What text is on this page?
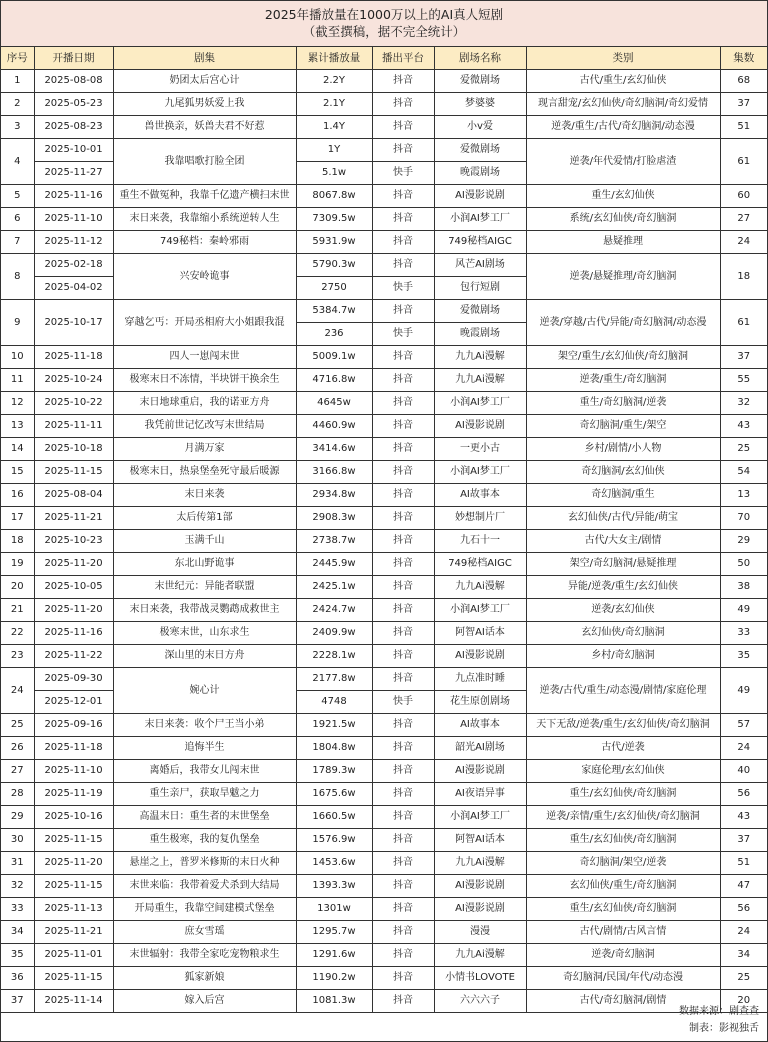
2025年播放量在1000万以上的AI真人短剧
（截至撰稿，据不完全统计）
序号	开播日期	剧集	累计播放量	播出平台	剧场名称	类别	集数
1	2025-08-08	奶团太后宫心计	2.2Y	抖音	爱微剧场	古代/重生/玄幻仙侠	68
2	2025-05-23	九尾狐男妖爱上我	2.1Y	抖音	梦婆婆	现言甜宠/玄幻仙侠/奇幻脑洞/奇幻爱情	37
3	2025-08-23	兽世换亲，妖兽夫君不好惹	1.4Y	抖音	小v爱	逆袭/重生/古代/奇幻脑洞/动态漫	51
4	2025-10-01	我靠唱歌打脸全团	1Y	抖音	爱微剧场	逆袭/年代爱情/打脸虐渣	61
	2025-11-27		5.1w	快手	晚霞剧场		
5	2025-11-16	重生不做冤种，我靠千亿遗产横扫末世	8067.8w	抖音	AI漫影说剧	重生/玄幻仙侠	60
6	2025-11-10	末日来袭，我靠缩小系统逆转人生	7309.5w	抖音	小润AI梦工厂	系统/玄幻仙侠/奇幻脑洞	27
7	2025-11-12	749秘档：秦岭邪雨	5931.9w	抖音	749秘档AIGC	悬疑推理	24
8	2025-02-18	兴安岭诡事	5790.3w	抖音	风芒AI剧场	逆袭/悬疑推理/奇幻脑洞	18
	2025-04-02		2750	快手	包行短剧		
9	2025-10-17	穿越乞丐：开局丞相府大小姐跟我混	5384.7w	抖音	爱微剧场	逆袭/穿越/古代/异能/奇幻脑洞/动态漫	61
			236	快手	晚霞剧场		
10	2025-11-18	四人一崽闯末世	5009.1w	抖音	九九Ai漫解	架空/重生/玄幻仙侠/奇幻脑洞	37
11	2025-10-24	极寒末日不冻情，半块饼干换余生	4716.8w	抖音	九九Ai漫解	逆袭/重生/奇幻脑洞	55
12	2025-10-22	末日地球重启，我的诺亚方舟	4645w	抖音	小润AI梦工厂	重生/奇幻脑洞/逆袭	32
13	2025-11-11	我凭前世记忆改写末世结局	4460.9w	抖音	AI漫影说剧	奇幻脑洞/重生/架空	43
14	2025-10-18	月满万家	3414.6w	抖音	一更小古	乡村/剧情/小人物	25
15	2025-11-15	极寒末日，热泉堡垒死守最后暖源	3166.8w	抖音	小润AI梦工厂	奇幻脑洞/玄幻仙侠	54
16	2025-08-04	末日来袭	2934.8w	抖音	AI故事本	奇幻脑洞/重生	13
17	2025-11-21	太后传第1部	2908.3w	抖音	妙想制片厂	玄幻仙侠/古代/异能/萌宝	70
18	2025-10-23	玉满千山	2738.7w	抖音	九石十一	古代/大女主/剧情	29
19	2025-11-20	东北山野诡事	2445.9w	抖音	749秘档AIGC	架空/奇幻脑洞/悬疑推理	50
20	2025-10-05	末世纪元：异能者联盟	2425.1w	抖音	九九Ai漫解	异能/逆袭/重生/玄幻仙侠	38
21	2025-11-20	末日来袭，我带战灵鹦鹉成救世主	2424.7w	抖音	小润AI梦工厂	逆袭/玄幻仙侠	49
22	2025-11-16	极寒末世，山东求生	2409.9w	抖音	阿智AI话本	玄幻仙侠/奇幻脑洞	33
23	2025-11-22	深山里的末日方舟	2228.1w	抖音	AI漫影说剧	乡村/奇幻脑洞	35
24	2025-09-30	婉心计	2177.8w	抖音	九点准时睡	逆袭/古代/重生/动态漫/剧情/家庭伦理	49
	2025-12-01		4748	快手	花生原创剧场		
25	2025-09-16	末日来袭：收个尸王当小弟	1921.5w	抖音	AI故事本	天下无敌/逆袭/重生/玄幻仙侠/奇幻脑洞	57
26	2025-11-18	追悔半生	1804.8w	抖音	韶光AI剧场	古代/逆袭	24
27	2025-11-10	离婚后，我带女儿闯末世	1789.3w	抖音	AI漫影说剧	家庭伦理/玄幻仙侠	40
28	2025-11-19	重生亲尸，获取旱魃之力	1675.6w	抖音	AI夜语异事	重生/玄幻仙侠/奇幻脑洞	56
29	2025-10-16	高温末日：重生者的末世堡垒	1660.5w	抖音	小润AI梦工厂	逆袭/亲情/重生/玄幻仙侠/奇幻脑洞	43
30	2025-11-15	重生极寒，我的复仇堡垒	1576.9w	抖音	阿智AI话本	重生/玄幻仙侠/奇幻脑洞	37
31	2025-11-20	悬崖之上，普罗米修斯的末日火种	1453.6w	抖音	九九Ai漫解	奇幻脑洞/架空/逆袭	51
32	2025-11-15	末世来临：我带着爱犬杀到大结局	1393.3w	抖音	AI漫影说剧	玄幻仙侠/重生/奇幻脑洞	47
33	2025-11-13	开局重生，我靠空间建模式堡垒	1301w	抖音	AI漫影说剧	重生/玄幻仙侠/奇幻脑洞	56
34	2025-11-21	庶女雪瑶	1295.7w	抖音	漫漫	古代/剧情/古风言情	24
35	2025-11-01	末世辐射：我带全家吃宠物粮求生	1291.6w	抖音	九九Ai漫解	逆袭/奇幻脑洞	34
36	2025-11-15	狐家新娘	1190.2w	抖音	小情书LOVOTE	奇幻脑洞/民国/年代/动态漫	25
37	2025-11-14	嫁入后宫	1081.3w	抖音	六六六子	古代/奇幻脑洞/剧情	20
数据来源：剧查查
制表：影视独舌
